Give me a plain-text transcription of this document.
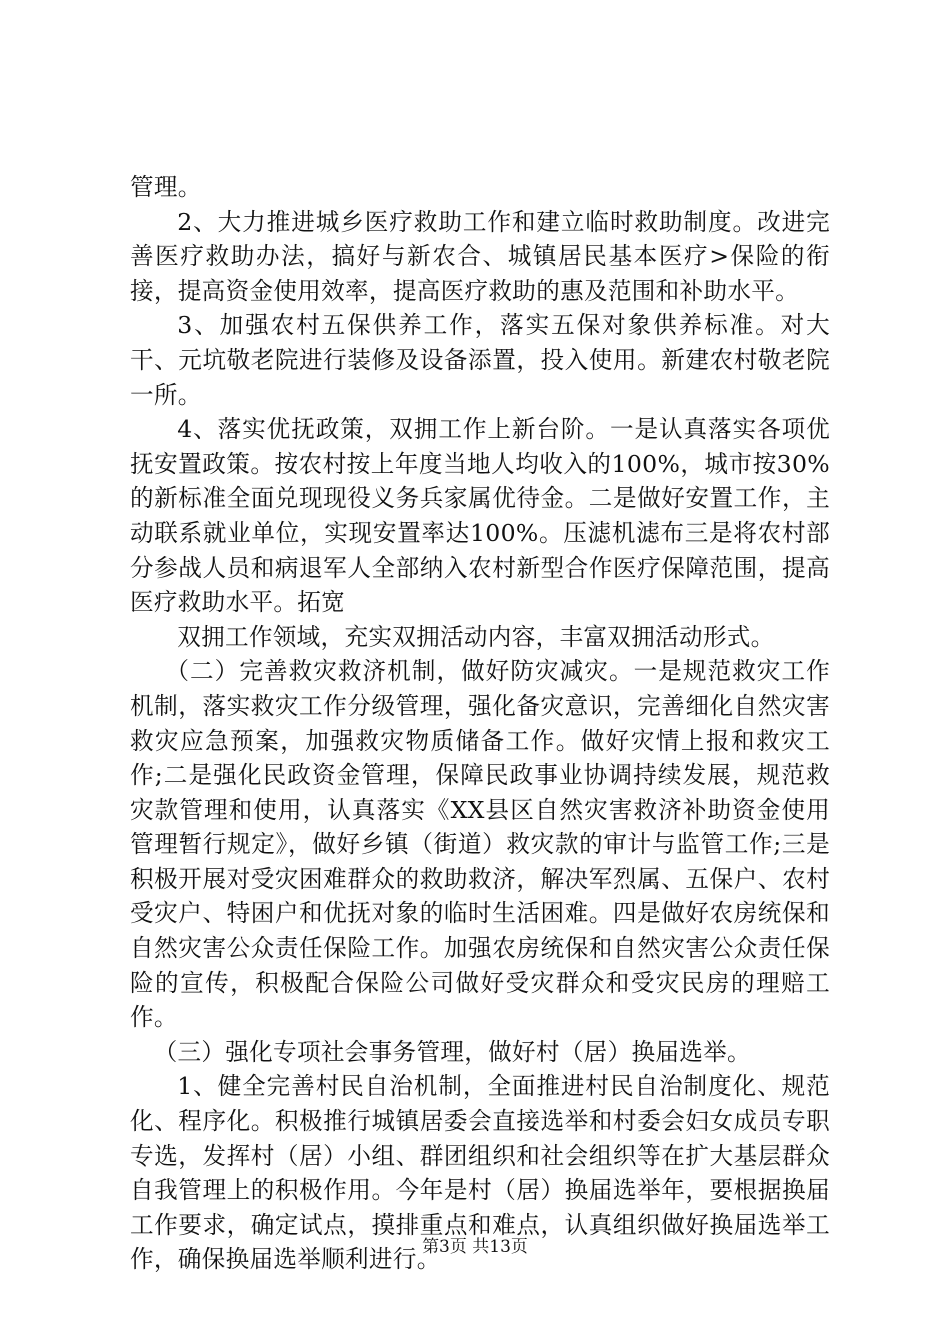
管理。

2、大力推进城乡医疗救助工作和建立临时救助制度。改进完善医疗救助办法，搞好与新农合、城镇居民基本医疗>保险的衔接，提高资金使用效率，提高医疗救助的惠及范围和补助水平。

3、加强农村五保供养工作，落实五保对象供养标准。对大干、元坑敬老院进行装修及设备添置，投入使用。新建农村敬老院一所。

4、落实优抚政策，双拥工作上新台阶。一是认真落实各项优抚安置政策。按农村按上年度当地人均收入的100%，城市按30%的新标准全面兑现现役义务兵家属优待金。二是做好安置工作，主动联系就业单位，实现安置率达100%。压滤机滤布三是将农村部分参战人员和病退军人全部纳入农村新型合作医疗保障范围，提高医疗救助水平。拓宽

双拥工作领域，充实双拥活动内容，丰富双拥活动形式。

（二）完善救灾救济机制，做好防灾减灾。一是规范救灾工作机制，落实救灾工作分级管理，强化备灾意识，完善细化自然灾害救灾应急预案，加强救灾物质储备工作。做好灾情上报和救灾工作;二是强化民政资金管理，保障民政事业协调持续发展，规范救灾款管理和使用，认真落实《XX县区自然灾害救济补助资金使用管理暂行规定》，做好乡镇（街道）救灾款的审计与监管工作;三是积极开展对受灾困难群众的救助救济，解决军烈属、五保户、农村受灾户、特困户和优抚对象的临时生活困难。四是做好农房统保和自然灾害公众责任保险工作。加强农房统保和自然灾害公众责任保险的宣传，积极配合保险公司做好受灾群众和受灾民房的理赔工作。

（三）强化专项社会事务管理，做好村（居）换届选举。

1、健全完善村民自治机制，全面推进村民自治制度化、规范化、程序化。积极推行城镇居委会直接选举和村委会妇女成员专职专选，发挥村（居）小组、群团组织和社会组织等在扩大基层群众自我管理上的积极作用。今年是村（居）换届选举年，要根据换届工作要求，确定试点，摸排重点和难点，认真组织做好换届选举工作，确保换届选举顺利进行。

第3页 共13页
